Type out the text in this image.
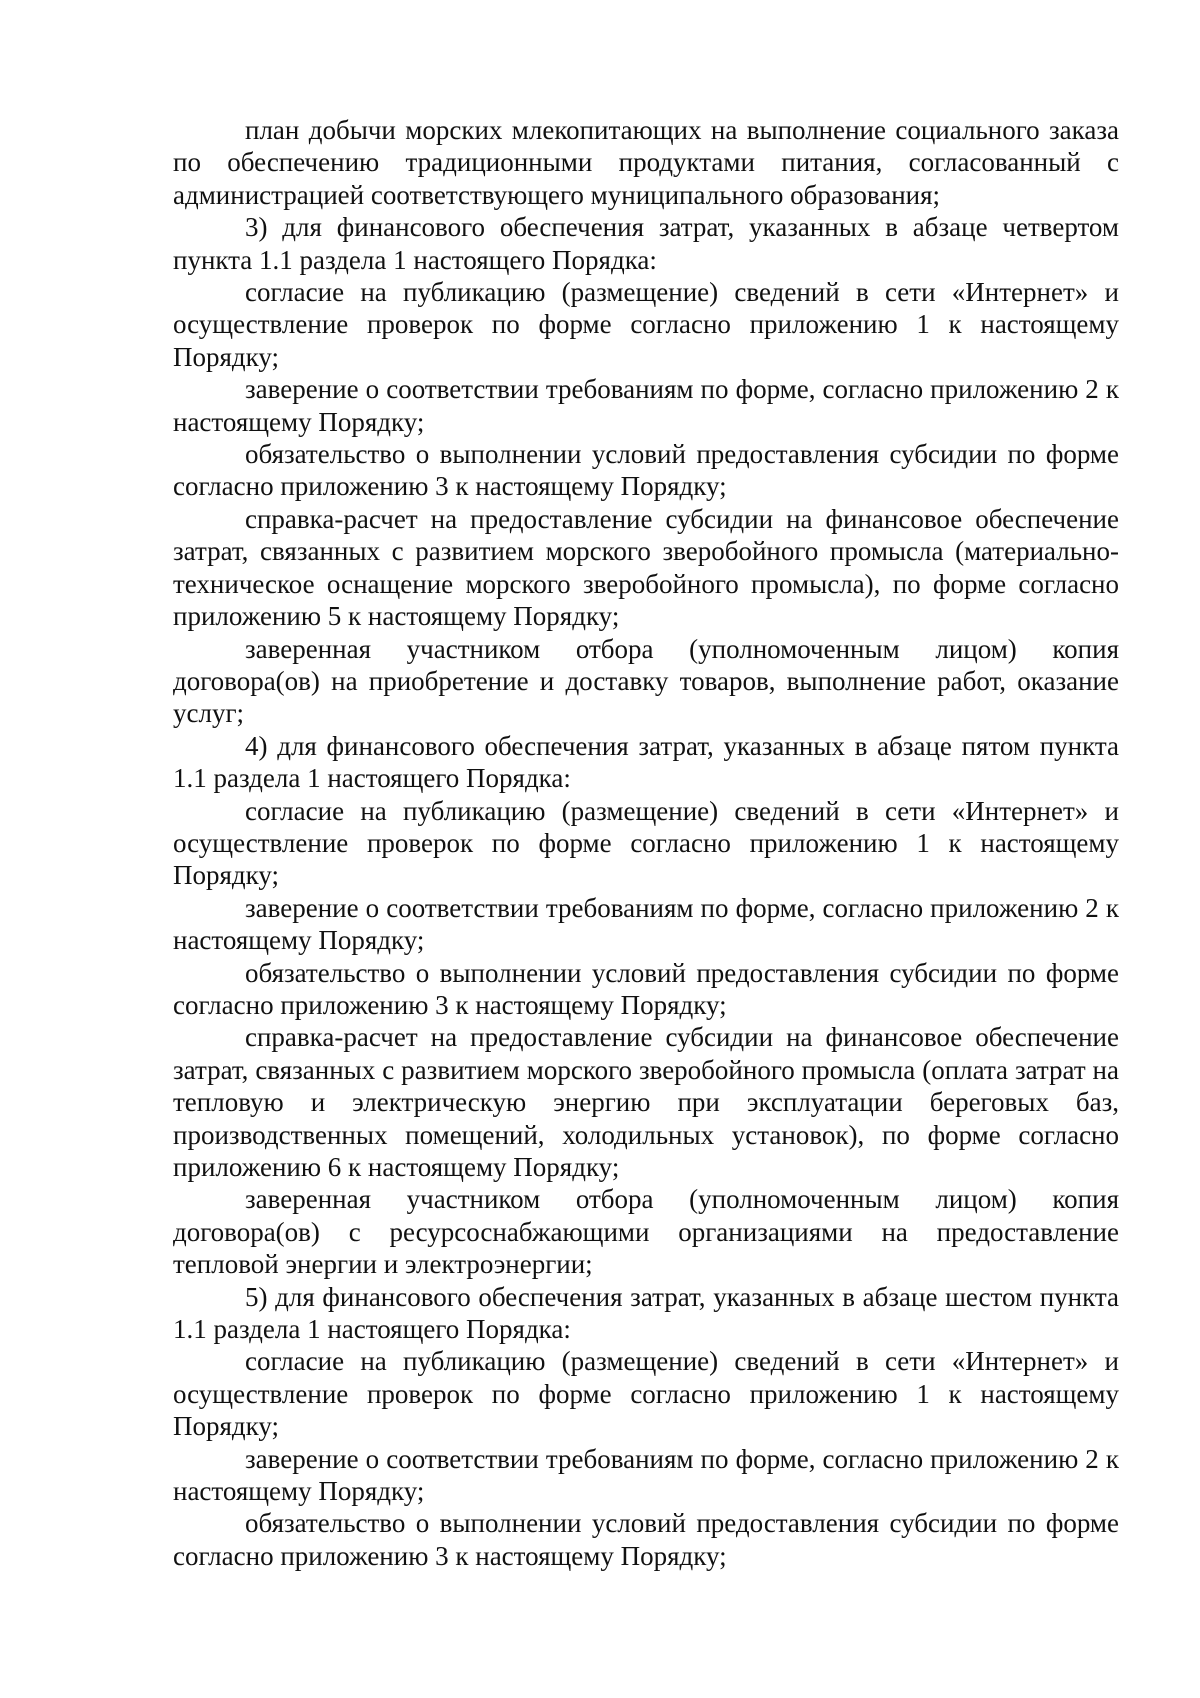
план добычи морских млекопитающих на выполнение социального заказа по обеспечению традиционными продуктами питания, согласованный с администрацией соответствующего муниципального образования;

3) для финансового обеспечения затрат, указанных в абзаце четвертом пункта 1.1 раздела 1 настоящего Порядка:

согласие на публикацию (размещение) сведений в сети «Интернет» и осуществление проверок по форме согласно приложению 1 к настоящему Порядку;

заверение о соответствии требованиям по форме, согласно приложению 2 к настоящему Порядку;

обязательство о выполнении условий предоставления субсидии по форме согласно приложению 3 к настоящему Порядку;

справка-расчет на предоставление субсидии на финансовое обеспечение затрат, связанных с развитием морского зверобойного промысла (материально-техническое оснащение морского зверобойного промысла), по форме согласно приложению 5 к настоящему Порядку;

заверенная участником отбора (уполномоченным лицом) копия договора(ов) на приобретение и доставку товаров, выполнение работ, оказание услуг;

4) для финансового обеспечения затрат, указанных в абзаце пятом пункта 1.1 раздела 1 настоящего Порядка:

согласие на публикацию (размещение) сведений в сети «Интернет» и осуществление проверок по форме согласно приложению 1 к настоящему Порядку;

заверение о соответствии требованиям по форме, согласно приложению 2 к настоящему Порядку;

обязательство о выполнении условий предоставления субсидии по форме согласно приложению 3 к настоящему Порядку;

справка-расчет на предоставление субсидии на финансовое обеспечение затрат, связанных с развитием морского зверобойного промысла (оплата затрат на тепловую и электрическую энергию при эксплуатации береговых баз, производственных помещений, холодильных установок), по форме согласно приложению 6 к настоящему Порядку;

заверенная участником отбора (уполномоченным лицом) копия договора(ов) с ресурсоснабжающими организациями на предоставление тепловой энергии и электроэнергии;

5) для финансового обеспечения затрат, указанных в абзаце шестом пункта 1.1 раздела 1 настоящего Порядка:

согласие на публикацию (размещение) сведений в сети «Интернет» и осуществление проверок по форме согласно приложению 1 к настоящему Порядку;

заверение о соответствии требованиям по форме, согласно приложению 2 к настоящему Порядку;

обязательство о выполнении условий предоставления субсидии по форме согласно приложению 3 к настоящему Порядку;
